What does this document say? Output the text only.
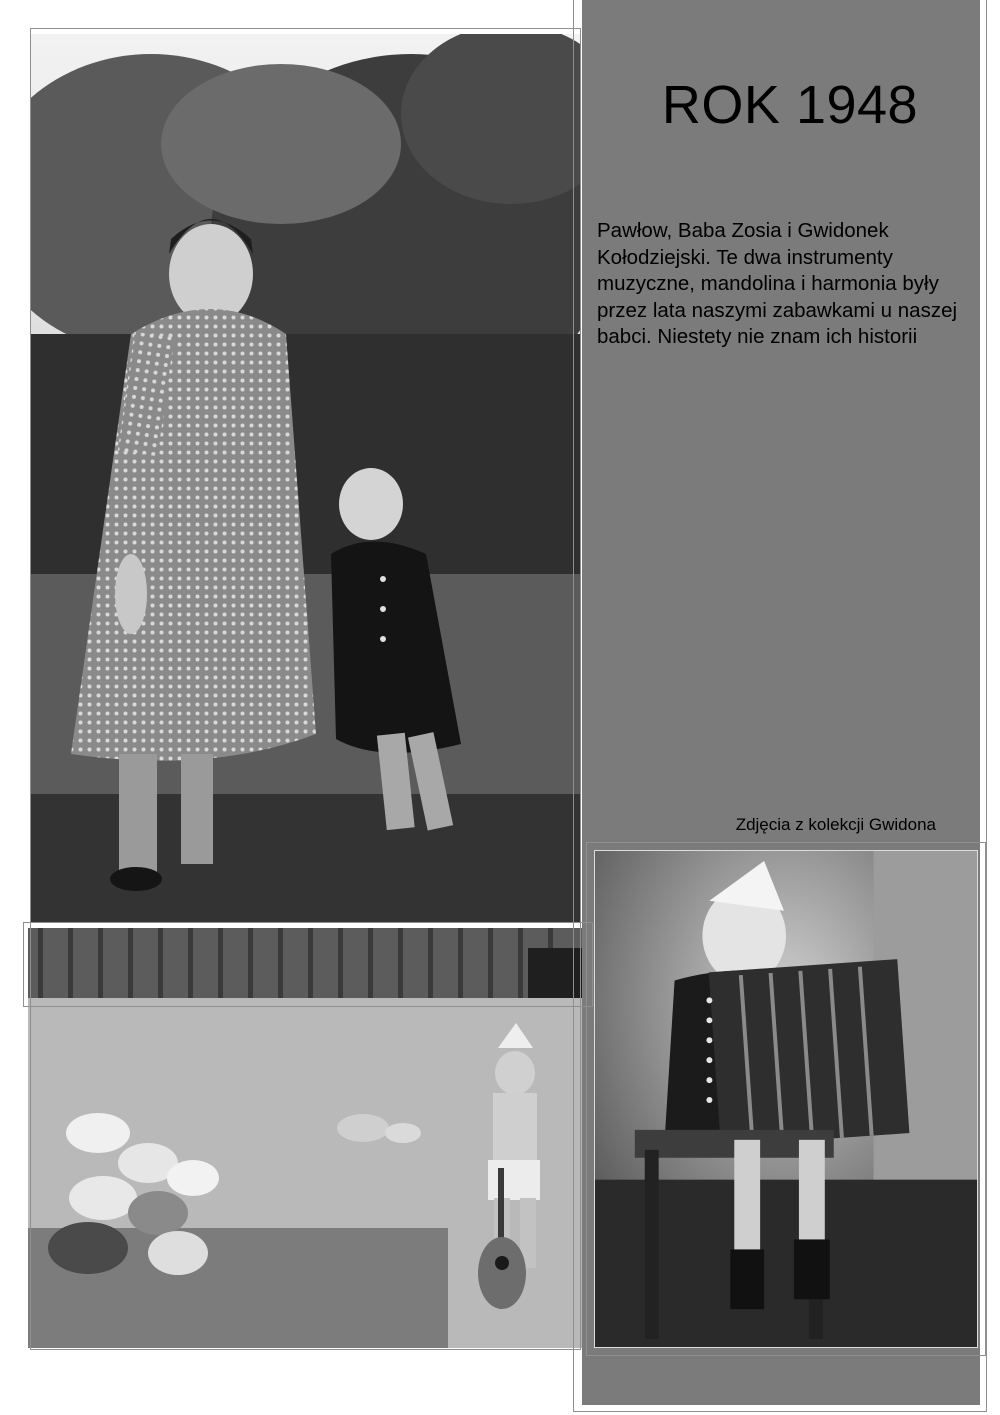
ROK 1948
Pawłow, Baba Zosia i Gwidonek Kołodziejski. Te dwa instrumenty muzyczne, mandolina i harmonia były przez lata naszymi zabawkami u naszej babci. Niestety nie znam ich historii
Zdjęcia z kolekcji Gwidona
